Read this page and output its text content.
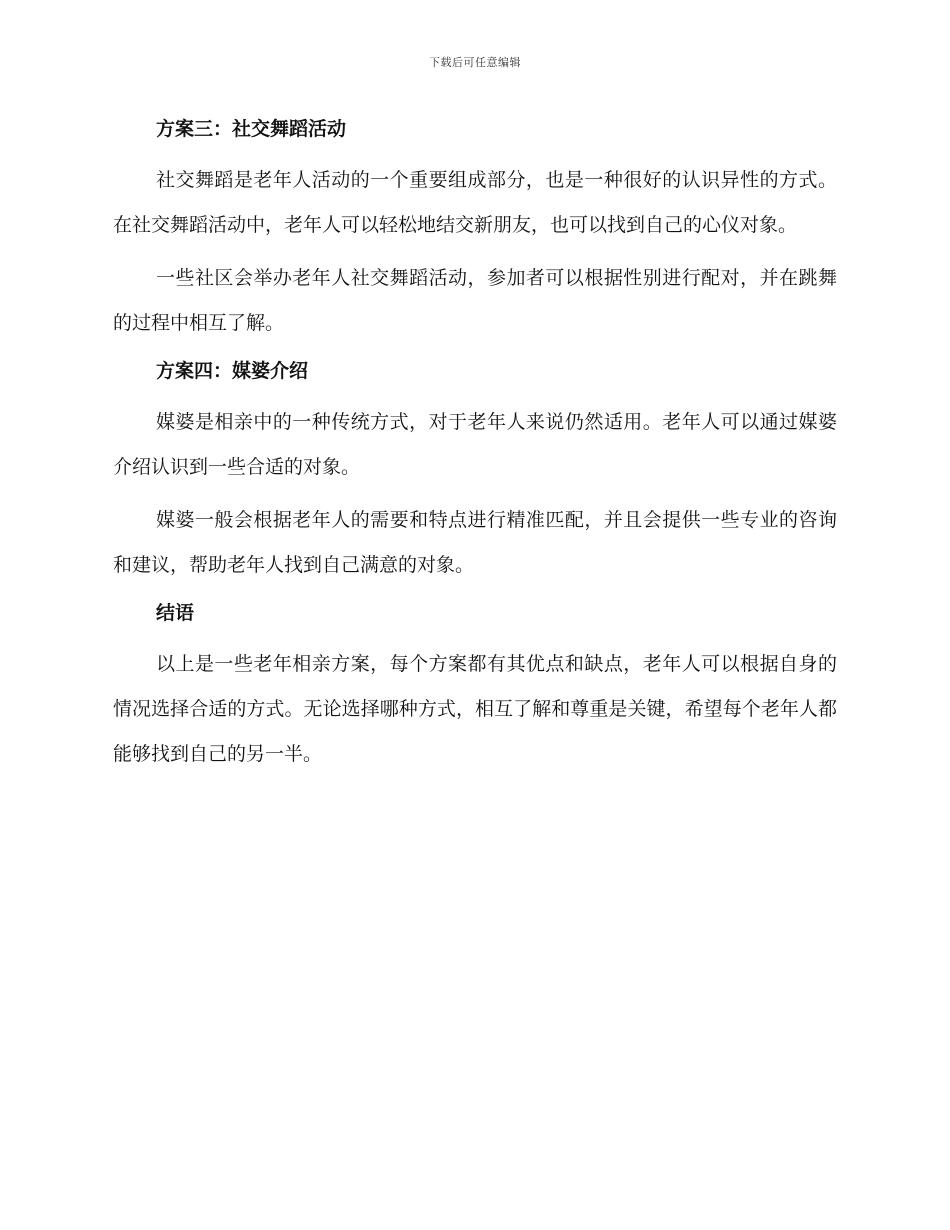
下载后可任意编辑
方案三：社交舞蹈活动

社交舞蹈是老年人活动的一个重要组成部分，也是一种很好的认识异性的方式。在社交舞蹈活动中，老年人可以轻松地结交新朋友，也可以找到自己的心仪对象。

一些社区会举办老年人社交舞蹈活动，参加者可以根据性别进行配对，并在跳舞的过程中相互了解。

方案四：媒婆介绍

媒婆是相亲中的一种传统方式，对于老年人来说仍然适用。老年人可以通过媒婆介绍认识到一些合适的对象。

媒婆一般会根据老年人的需要和特点进行精准匹配，并且会提供一些专业的咨询和建议，帮助老年人找到自己满意的对象。

结语

以上是一些老年相亲方案，每个方案都有其优点和缺点，老年人可以根据自身的情况选择合适的方式。无论选择哪种方式，相互了解和尊重是关键，希望每个老年人都能够找到自己的另一半。
